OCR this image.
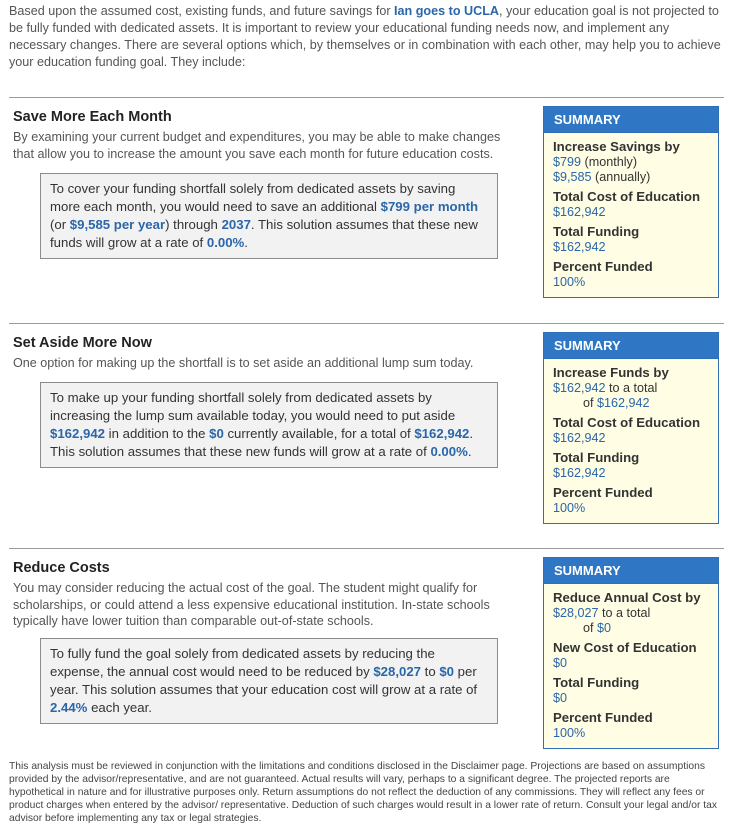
Based upon the assumed cost, existing funds, and future savings for Ian goes to UCLA, your education goal is not projected to be fully funded with dedicated assets. It is important to review your educational funding needs now, and implement any necessary changes. There are several options which, by themselves or in combination with each other, may help you to achieve your education funding goal. They include:
Save More Each Month
By examining your current budget and expenditures, you may be able to make changes that allow you to increase the amount you save each month for future education costs.
To cover your funding shortfall solely from dedicated assets by saving more each month, you would need to save an additional $799 per month (or $9,585 per year) through 2037. This solution assumes that these new funds will grow at a rate of 0.00%.
SUMMARY
Increase Savings by
$799 (monthly)
$9,585 (annually)
Total Cost of Education
$162,942
Total Funding
$162,942
Percent Funded
100%
Set Aside More Now
One option for making up the shortfall is to set aside an additional lump sum today.
To make up your funding shortfall solely from dedicated assets by increasing the lump sum available today, you would need to put aside $162,942 in addition to the $0 currently available, for a total of $162,942. This solution assumes that these new funds will grow at a rate of 0.00%.
SUMMARY
Increase Funds by
$162,942 to a total
of $162,942
Total Cost of Education
$162,942
Total Funding
$162,942
Percent Funded
100%
Reduce Costs
You may consider reducing the actual cost of the goal. The student might qualify for scholarships, or could attend a less expensive educational institution. In-state schools typically have lower tuition than comparable out-of-state schools.
To fully fund the goal solely from dedicated assets by reducing the expense, the annual cost would need to be reduced by $28,027 to $0 per year. This solution assumes that your education cost will grow at a rate of 2.44% each year.
SUMMARY
Reduce Annual Cost by
$28,027 to a total
of $0
New Cost of Education
$0
Total Funding
$0
Percent Funded
100%
This analysis must be reviewed in conjunction with the limitations and conditions disclosed in the Disclaimer page. Projections are based on assumptions provided by the advisor/representative, and are not guaranteed. Actual results will vary, perhaps to a significant degree. The projected reports are hypothetical in nature and for illustrative purposes only. Return assumptions do not reflect the deduction of any commissions. They will reflect any fees or product charges when entered by the advisor/ representative. Deduction of such charges would result in a lower rate of return. Consult your legal and/or tax advisor before implementing any tax or legal strategies.
